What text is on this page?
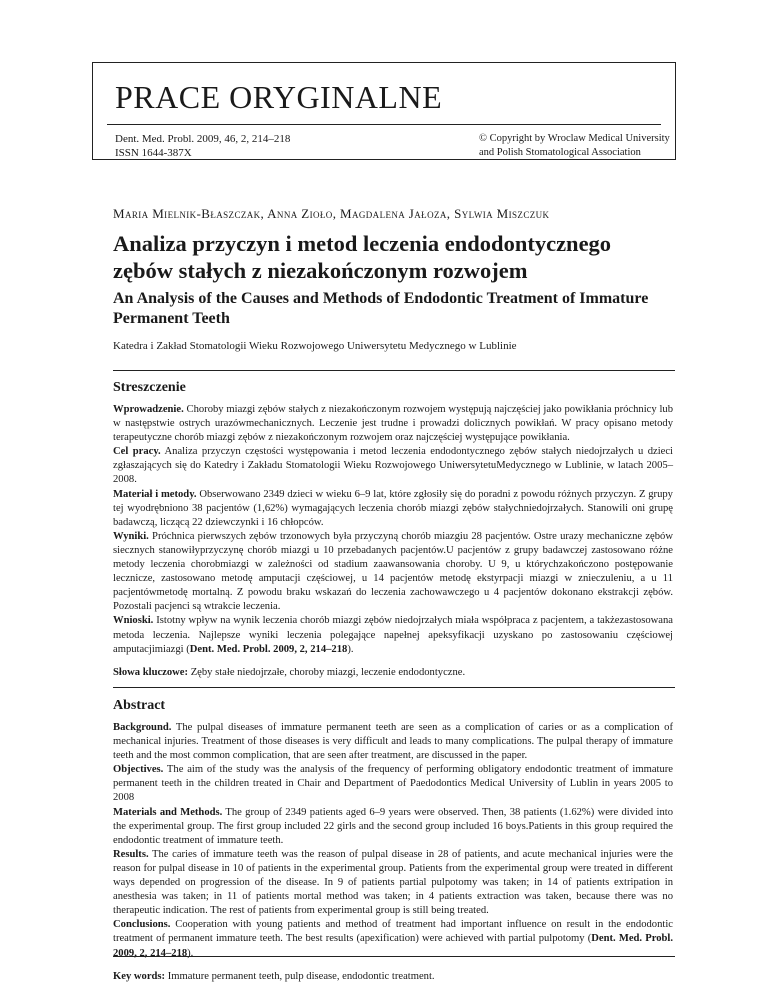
PRACE ORYGINALNE
Dent. Med. Probl. 2009, 46, 2, 214–218
ISSN 1644-387X
© Copyright by Wroclaw Medical University
and Polish Stomatological Association
Maria Mielnik-Błaszczak, Anna Zioło, Magdalena Jałoza, Sylwia Miszczuk
Analiza przyczyn i metod leczenia endodontycznego zębów stałych z niezakończonym rozwojem
An Analysis of the Causes and Methods of Endodontic Treatment of Immature Permanent Teeth
Katedra i Zakład Stomatologii Wieku Rozwojowego Uniwersytetu Medycznego w Lublinie
Streszczenie

Wprowadzenie. Choroby miazgi zębów stałych z niezakończonym rozwojem występują najczęściej jako powikłania próchnicy lub w następstwie ostrych urazówmechanicznych. Leczenie jest trudne i prowadzi dolicznych powikłań. W pracy opisano metody terapeutyczne chorób miazgi zębów z niezakończonym rozwojem oraz najczęściej występujące powikłania.

Cel pracy. Analiza przyczyn częstości występowania i metod leczenia endodontycznego zębów stałych niedojrzałych u dzieci zgłaszających się do Katedry i Zakładu Stomatologii Wieku Rozwojowego UniwersytetuMedycznego w Lublinie, w latach 2005–2008.

Materiał i metody. Obserwowano 2349 dzieci w wieku 6–9 lat, które zgłosiły się do poradni z powodu różnych przyczyn. Z grupy tej wyodrębniono 38 pacjentów (1,62%) wymagających leczenia chorób miazgi zębów stałychniedojrzałych. Stanowili oni grupę badawczą, liczącą 22 dziewczynki i 16 chłopców.

Wyniki. Próchnica pierwszych zębów trzonowych była przyczyną chorób miazgiu 28 pacjentów. Ostre urazy mechaniczne zębów siecznych stanowiłyprzyczynę chorób miazgi u 10 przebadanych pacjentów.U pacjentów z grupy badawczej zastosowano różne metody leczenia chorobmiazgi w zależności od stadium zaawansowania choroby. U 9, u którychzakończono postępowanie lecznicze, zastosowano metodę amputacji częściowej, u 14 pacjentów metodę ekstyrpacji miazgi w znieczuleniu, a u 11 pacjentówmetodę mortalną. Z powodu braku wskazań do leczenia zachowawczego u 4 pacjentów dokonano ekstrakcji zębów. Pozostali pacjenci są wtrakcie leczenia.

Wnioski. Istotny wpływ na wynik leczenia chorób miazgi zębów niedojrzałych miała współpraca z pacjentem, a takżezastosowana metoda leczenia. Najlepsze wyniki leczenia polegające napełnej apeksyfikacji uzyskano po zastosowaniu częściowej amputacjimiazgi (Dent. Med. Probl. 2009, 2, 214–218).

Słowa kluczowe: Zęby stałe niedojrzałe, choroby miazgi, leczenie endodontyczne.

Abstract

Background. The pulpal diseases of immature permanent teeth are seen as a complication of caries or as a complication of mechanical injuries. Treatment of those diseases is very difficult and leads to many complications. The pulpal therapy of immature teeth and the most common complication, that are seen after treatment, are discussed in the paper.

Objectives. The aim of the study was the analysis of the frequency of performing obligatory endodontic treatment of immature permanent teeth in the children treated in Chair and Department of Paedodontics Medical University of Lublin in years 2005 to 2008

Materials and Methods. The group of 2349 patients aged 6–9 years were observed. Then, 38 patients (1.62%) were divided into the experimental group. The first group included 22 girls and the second group included 16 boys.Patients in this group required the endodontic treatment of immature teeth.

Results. The caries of immature teeth was the reason of pulpal disease in 28 of patients, and acute mechanical injuries were the reason for pulpal disease in 10 of patients in the experimental group. Patients from the experimental group were treated in different ways depended on progression of the disease. In 9 of patients partial pulpotomy was taken; in 14 of patients extripation in anesthesia was taken; in 11 of patients mortal method was taken; in 4 patients extraction was taken, because there was no therapeutic indication. The rest of patients from experimental group is still being treated.

Conclusions. Cooperation with young patients and method of treatment had important influence on result in the endodontic treatment of permanent immature teeth. The best results (apexification) were achieved with partial pulpotomy (Dent. Med. Probl. 2009, 2, 214–218).

Key words: Immature permanent teeth, pulp disease, endodontic treatment.
